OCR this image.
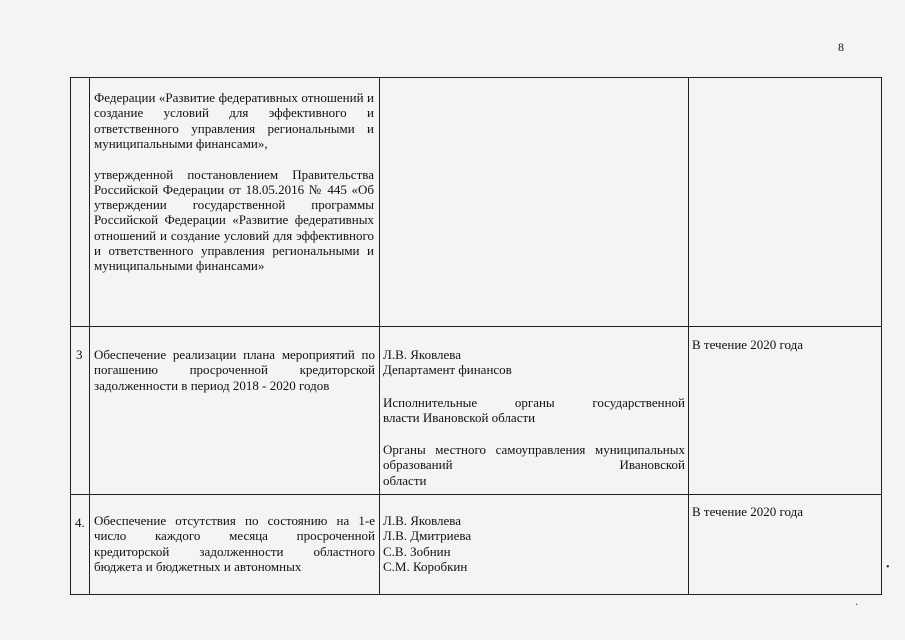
8
Федерации «Развитие федеративных отношений и создание условий для эффективного и ответственного управления региональными и
муниципальными финансами»,
утвержденной постановлением Правительства Российской Федерации от 18.05.2016 № 445 «Об утверждении государственной программы Российской Федерации «Развитие федеративных отношений и создание условий для эффективного и ответственного управления региональными и
муниципальными финансами»
3 Обеспечение реализации плана мероприятий по погашению просроченной кредиторской
задолженности в период 2018 - 2020 годов

Л.В. Яковлева

Департамент финансов

Исполнительные органы государственной
власти Ивановской области
Органы местного самоуправления муниципальных образований Ивановской
области
В течение 2020 года
4. Обеспечение отсутствия по состоянию на 1-е число каждого месяца просроченной кредиторской задолженности областного
бюджета и бюджетных и автономных

Л.В. Яковлева

Л.В. Дмитриева

С.В. Зобнин

С.М. Коробкин

В течение 2020 года
•
·
